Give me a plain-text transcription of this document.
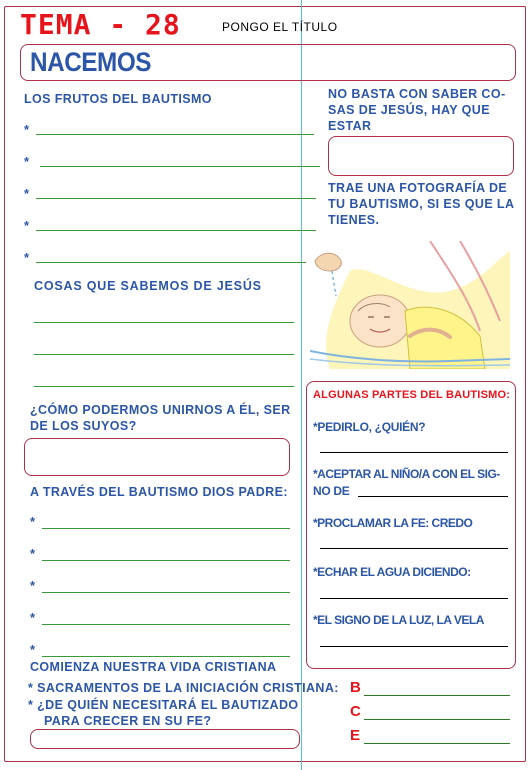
TEMA - 28	PONGO EL TÍTULO
NACEMOS
LOS FRUTOS DEL BAUTISMO
*
*
*
*
*
COSAS QUE SABEMOS DE JESÚS
¿CÓMO PODERMOS UNIRNOS A ÉL, SER
DE LOS SUYOS?
A TRAVÉS DEL BAUTISMO DIOS PADRE:
*
*
*
*
*
NO BASTA CON SABER CO-
SAS DE JESÚS, HAY QUE
ESTAR
TRAE UNA FOTOGRAFÍA DE
TU BAUTISMO, SI ES QUE LA
TIENES.
ALGUNAS PARTES DEL BAUTISMO:
*PEDIRLO, ¿QUIÉN?
*ACEPTAR AL NIÑO/A CON EL SIG-
NO DE
*PROCLAMAR LA FE: CREDO
*ECHAR EL AGUA DICIENDO:
*EL SIGNO DE LA LUZ, LA VELA
COMIENZA NUESTRA VIDA CRISTIANA
* SACRAMENTOS DE LA INICIACIÓN CRISTIANA:
* ¿DE QUIÉN NECESITARÁ EL BAUTIZADO
PARA CRECER EN SU FE?
B
C
E
